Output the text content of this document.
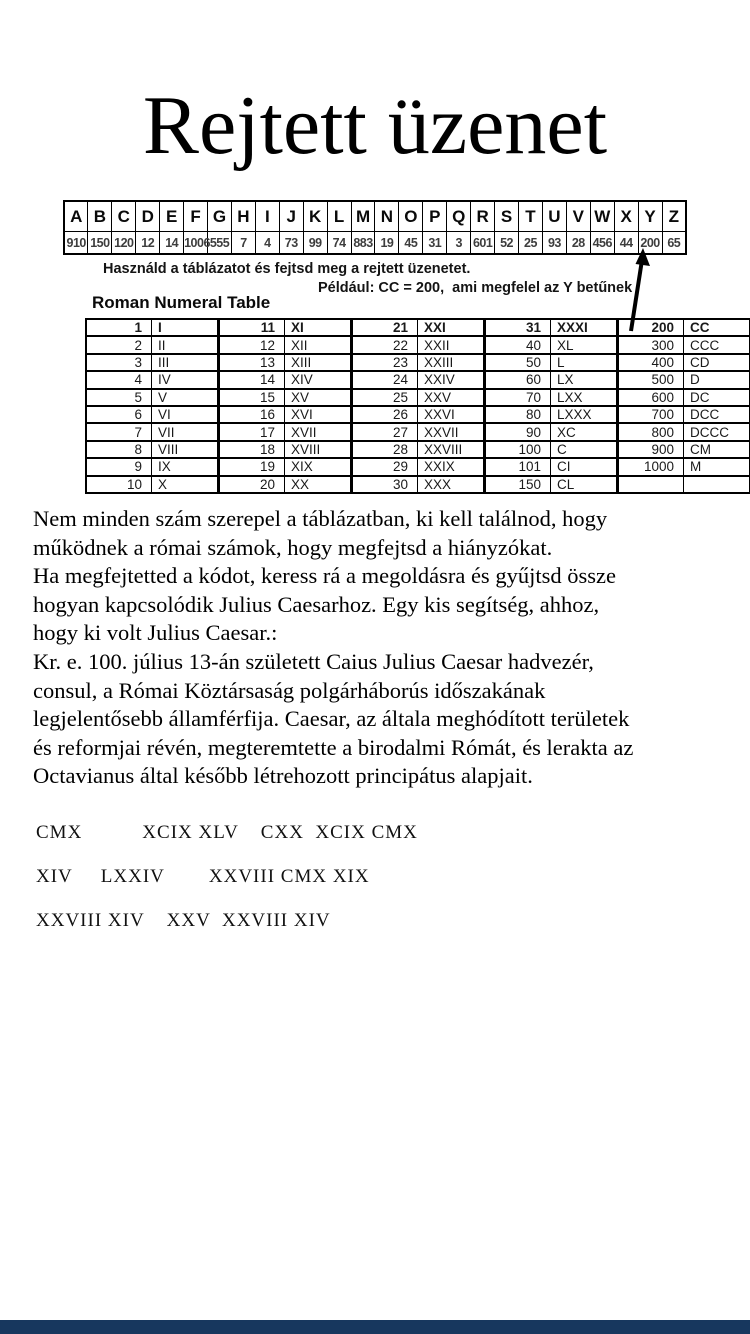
Rejtett üzenet
A	B	C	D	E	F	G	H	I	J	K	L	M	N	O	P	Q	R	S	T	U	V	W	X	Y	Z
910	150	120	12	14	1006	555	7	4	73	99	74	883	19	45	31	3	601	52	25	93	28	456	44	200	65
Használd a táblázatot és fejtsd meg a rejtett üzenetet.
Például: CC = 200,  ami megfelel az Y betűnek
Roman Numeral Table
1	I	11	XI	21	XXI	31	XXXI	200	CC
2	II	12	XII	22	XXII	40	XL	300	CCC
3	III	13	XIII	23	XXIII	50	L	400	CD
4	IV	14	XIV	24	XXIV	60	LX	500	D
5	V	15	XV	25	XXV	70	LXX	600	DC
6	VI	16	XVI	26	XXVI	80	LXXX	700	DCC
7	VII	17	XVII	27	XXVII	90	XC	800	DCCC
8	VIII	18	XVIII	28	XXVIII	100	C	900	CM
9	IX	19	XIX	29	XXIX	101	CI	1000	M
10	X	20	XX	30	XXX	150	CL		
Nem minden szám szerepel a táblázatban, ki kell találnod, hogy
működnek a római számok, hogy megfejtsd a hiányzókat.
Ha megfejtetted a kódot, keress rá a megoldásra és gyűjtsd össze
hogyan kapcsolódik Julius Caesarhoz. Egy kis segítség, ahhoz,
hogy ki volt Julius Caesar.:
Kr. e. 100. július 13-án született Caius Julius Caesar hadvezér,
consul, a Római Köztársaság polgárháborús időszakának
legjelentősebb államférfija. Caesar, az általa meghódított területek
és reformjai révén, megteremtette a birodalmi Rómát, és lerakta az
Octavianus által később létrehozott principátus alapjait.
CMX	XCIX XLV CXX  XCIX CMX
XIV LXXIV XXVIII CMX XIX
XXVIII XIV XXV  XXVIII XIV
